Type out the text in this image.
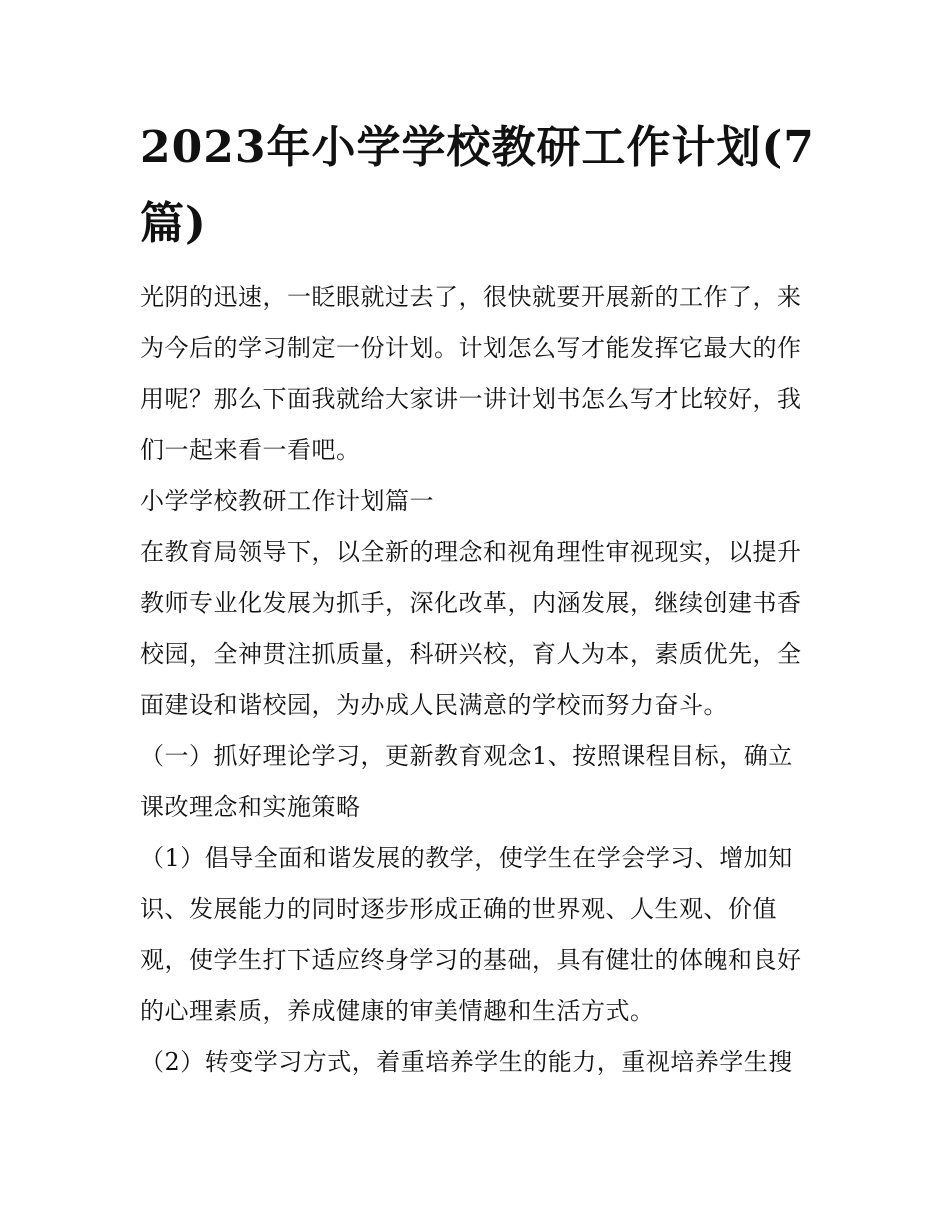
2023年小学学校教研工作计划(7篇)

光阴的迅速，一眨眼就过去了，很快就要开展新的工作了，来为今后的学习制定一份计划。计划怎么写才能发挥它最大的作用呢？那么下面我就给大家讲一讲计划书怎么写才比较好，我们一起来看一看吧。

小学学校教研工作计划篇一

在教育局领导下，以全新的理念和视角理性审视现实，以提升教师专业化发展为抓手，深化改革，内涵发展，继续创建书香校园，全神贯注抓质量，科研兴校，育人为本，素质优先，全面建设和谐校园，为办成人民满意的学校而努力奋斗。

（一）抓好理论学习，更新教育观念1、按照课程目标，确立课改理念和实施策略

（1）倡导全面和谐发展的教学，使学生在学会学习、增加知识、发展能力的同时逐步形成正确的世界观、人生观、价值观，使学生打下适应终身学习的基础，具有健壮的体魄和良好的心理素质，养成健康的审美情趣和生活方式。

（2）转变学习方式，着重培养学生的能力，重视培养学生搜
